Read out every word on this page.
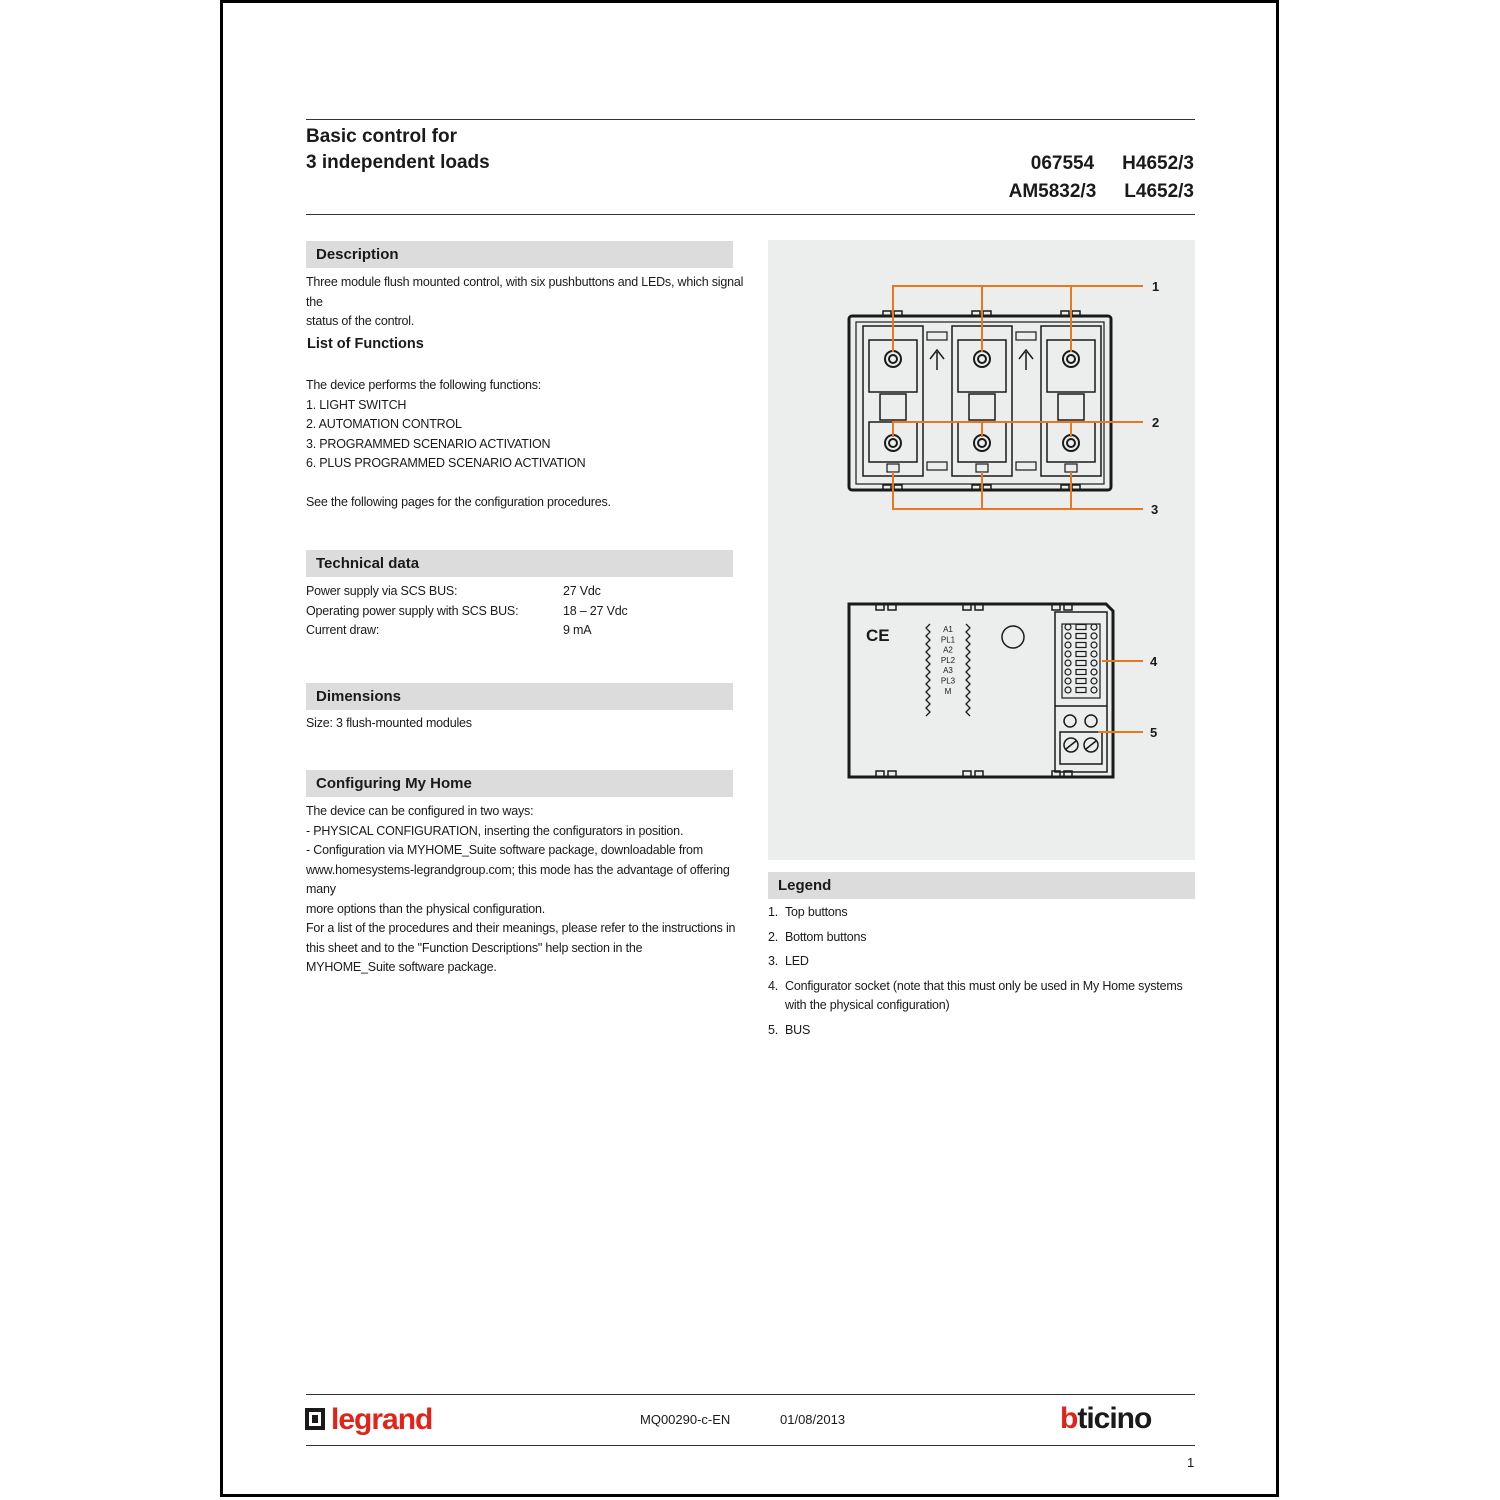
Basic control for
3 independent loads	067554 H4652/3
AM5832/3 L4652/3
Description
Three module flush mounted control, with six pushbuttons and LEDs, which signal the
status of the control.
List of Functions
The device performs the following functions:
1. LIGHT SWITCH
2. AUTOMATION CONTROL
3. PROGRAMMED SCENARIO ACTIVATION
6. PLUS PROGRAMMED SCENARIO ACTIVATION
See the following pages for the configuration procedures.
Technical data
Power supply via SCS BUS:	27 Vdc
Operating power supply with SCS BUS:	18 – 27 Vdc
Current draw:	9 mA
Dimensions
Size: 3 flush-mounted modules
Configuring My Home
The device can be configured in two ways:
- PHYSICAL CONFIGURATION, inserting the configurators in position.
- Configuration via MYHOME_Suite software package, downloadable from
www.homesystems-legrandgroup.com; this mode has the advantage of offering many
more options than the physical configuration.
For a list of the procedures and their meanings, please refer to the instructions in
this sheet and to the "Function Descriptions" help section in the
MYHOME_Suite software package.
CE	A1
PL1
A2
PL2
A3
PL3
M
1
2
3
4
5
Legend
1. Top buttons
2. Bottom buttons
3. LED
4. Configurator socket (note that this must only be used in My Home systems with the physical configuration)
5. BUS
legrand	MQ00290-c-EN	01/08/2013	bticino
1
